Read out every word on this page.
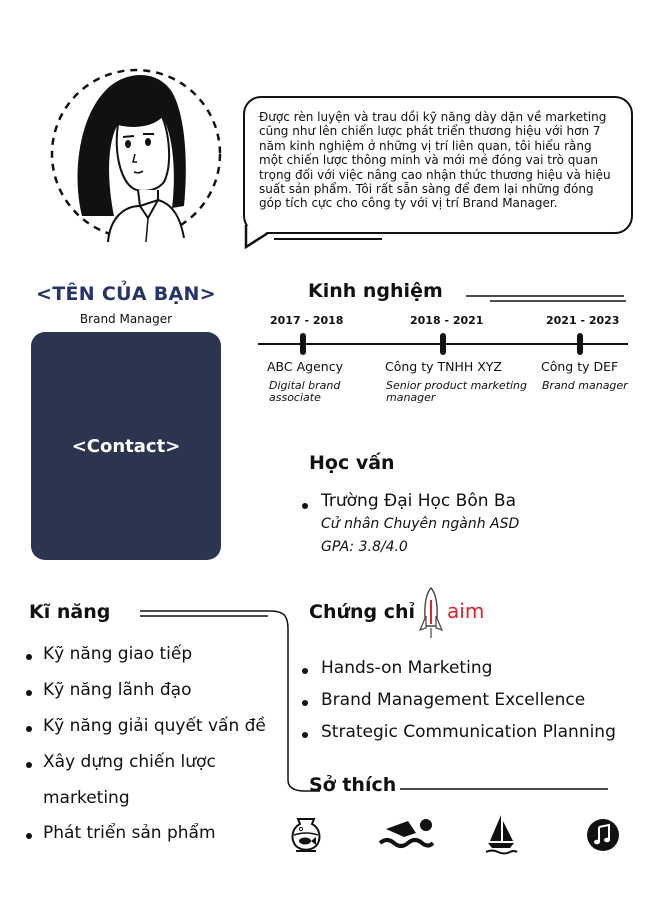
Được rèn luyện và trau dồi kỹ năng dày dặn về marketing
cũng như lên chiến lược phát triển thương hiệu với hơn 7
năm kinh nghiệm ở những vị trí liên quan, tôi hiểu rằng
một chiến lược thông minh và mới mẻ đóng vai trò quan
trọng đối với việc nâng cao nhận thức thương hiệu và hiệu
suất sản phẩm. Tôi rất sẵn sàng để đem lại những đóng
góp tích cực cho công ty với vị trí Brand Manager.
<TÊN CỦA BẠN>
Brand Manager
<Contact>
Kinh nghiệm
2017 - 2018
ABC Agency
Digital brand
associate
2018 - 2021
Công ty TNHH XYZ
Senior product marketing
manager
2021 - 2023
Công ty DEF
Brand manager
Học vấn
Trường Đại Học Bôn Ba
Cử nhân Chuyên ngành ASD
GPA: 3.8/4.0
Kĩ năng
Kỹ năng giao tiếp
Kỹ năng lãnh đạo
Kỹ năng giải quyết vấn đề
Xây dựng chiến lược
marketing
Phát triển sản phẩm
Chứng chỉ aim
Hands-on Marketing
Brand Management Excellence
Strategic Communication Planning
Sở thích
